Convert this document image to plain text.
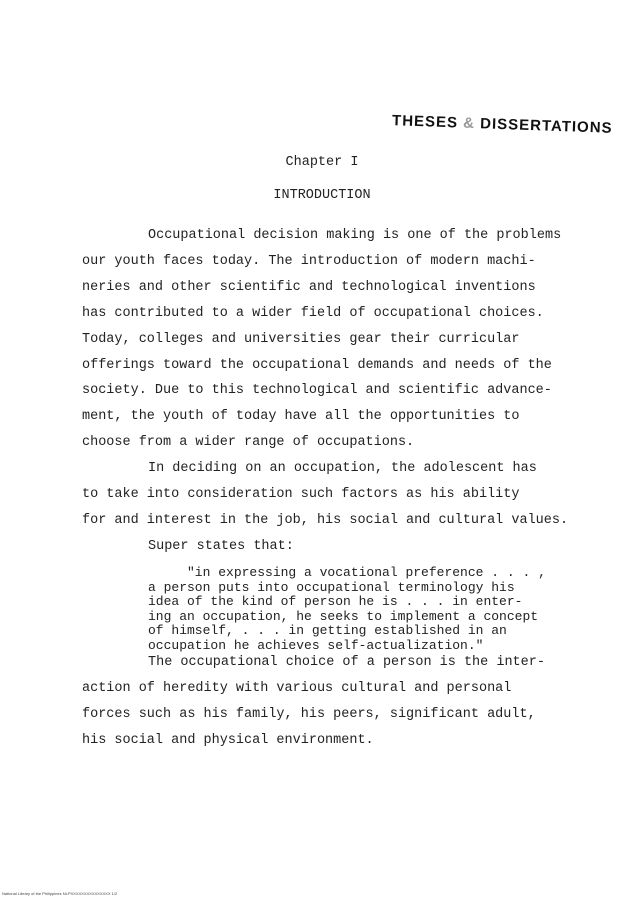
THESES & DISSERTATIONS
Chapter I
INTRODUCTION
Occupational decision making is one of the problems
our youth faces today. The introduction of modern machi-
neries and other scientific and technological inventions
has contributed to a wider field of occupational choices.
Today, colleges and universities gear their curricular
offerings toward the occupational demands and needs of the
society. Due to this technological and scientific advance-
ment, the youth of today have all the opportunities to
choose from a wider range of occupations.
In deciding on an occupation, the adolescent has
to take into consideration such factors as his ability
for and interest in the job, his social and cultural values.
Super states that:
"in expressing a vocational preference . . . ,
a person puts into occupational terminology his
idea of the kind of person he is . . . in enter-
ing an occupation, he seeks to implement a concept
of himself, . . . in getting established in an
occupation he achieves self-actualization."
The occupational choice of a person is the inter-
action of heredity with various cultural and personal
forces such as his family, his peers, significant adult,
his social and physical environment.
National Library of the Philippines NLPXXXXXXXXXXXXXXX 1/2
